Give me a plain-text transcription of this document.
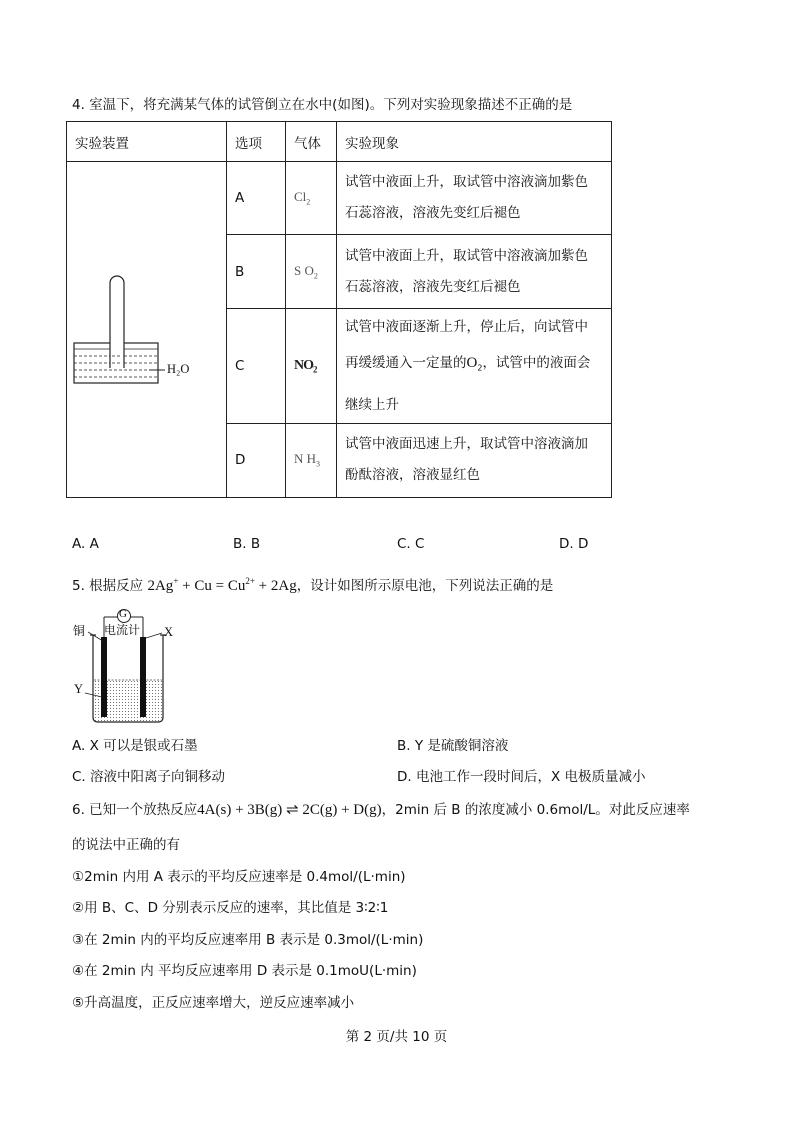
4. 室温下，将充满某气体的试管倒立在水中(如图)。下列对实验现象描述不正确的是
实验装置	选项	气体	实验现象

H₂O	A	$Cl_2$	试管中液面上升，取试管中溶液滴加紫色
石蕊溶液，溶液先变红后褪色

	B	S $O_2$	试管中液面上升，取试管中溶液滴加紫色
石蕊溶液，溶液先变红后褪色

	C	$NO_2$	试管中液面逐渐上升，停止后，向试管中
再缓缓通入一定量的$O_2$，试管中的液面会
继续上升

	D	N $H_3$	试管中液面迅速上升，取试管中溶液滴加
酚酞溶液，溶液显红色
A. A	B. B	C. C	D. D
5. 根据反应 $2Ag^+ + Cu = Cu^{2+} + 2Ag$，设计如图所示原电池，下列说法正确的是
G
电流计
铜	X
Y
A. X 可以是银或石墨	B. Y 是硫酸铜溶液
C. 溶液中阳离子向铜移动	D. 电池工作一段时间后，X 电极质量减小
6. 已知一个放热反应4A(s) + 3B(g) ⇌ 2C(g) + D(g)，2min 后 B 的浓度减小 0.6mol/L。对此反应速率
的说法中正确的有
①2min 内用 A 表示的平均反应速率是 0.4mol/(L·min)
②用 B、C、D 分别表示反应的速率，其比值是 3∶2∶1
③在 2min 内的平均反应速率用 B 表示是 0.3mol/(L·min)
④在 2min 内 平均反应速率用 D 表示是 0.1moU(L·min)
⑤升高温度，正反应速率增大，逆反应速率减小
第 2 页/共 10 页
